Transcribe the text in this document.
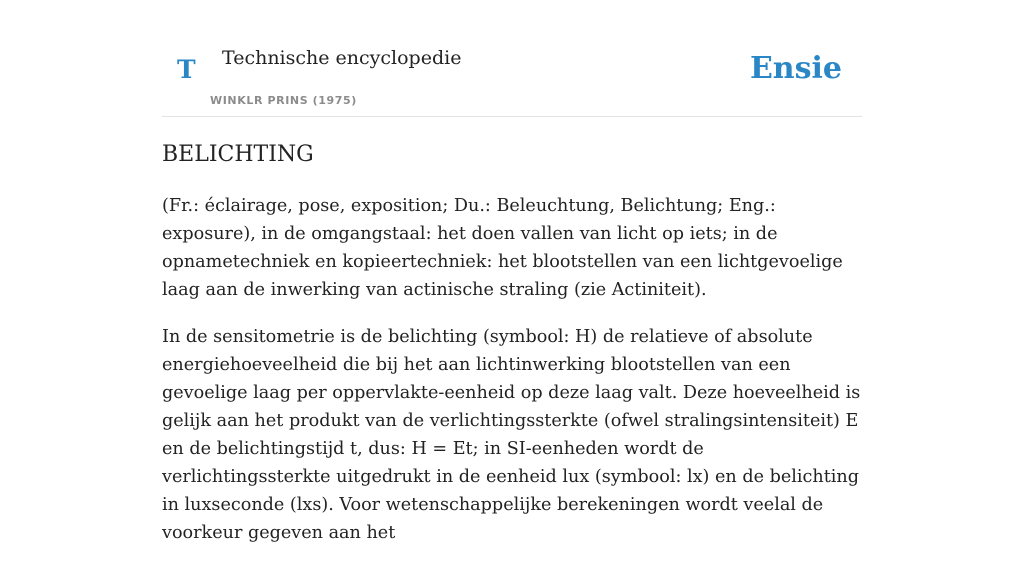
T Technische encyclopedie
WINKLR PRINS (1975)
Ensie
BELICHTING

(Fr.: éclairage, pose, exposition; Du.: Beleuchtung, Belichtung; Eng.: exposure), in de omgangstaal: het doen vallen van licht op iets; in de opnametechniek en kopieertechniek: het blootstellen van een lichtgevoelige laag aan de inwerking van actinische straling (zie Actiniteit).

In de sensitometrie is de belichting (symbool: H) de relatieve of absolute energiehoeveelheid die bij het aan lichtinwerking blootstellen van een gevoelige laag per oppervlakte-eenheid op deze laag valt. Deze hoeveelheid is gelijk aan het produkt van de verlichtingssterkte (ofwel stralingsintensiteit) E en de belichtingstijd t, dus: H = Et; in SI-eenheden wordt de verlichtingssterkte uitgedrukt in de eenheid lux (symbool: lx) en de belichting in luxseconde (lxs). Voor wetenschappelijke berekeningen wordt veelal de voorkeur gegeven aan het
